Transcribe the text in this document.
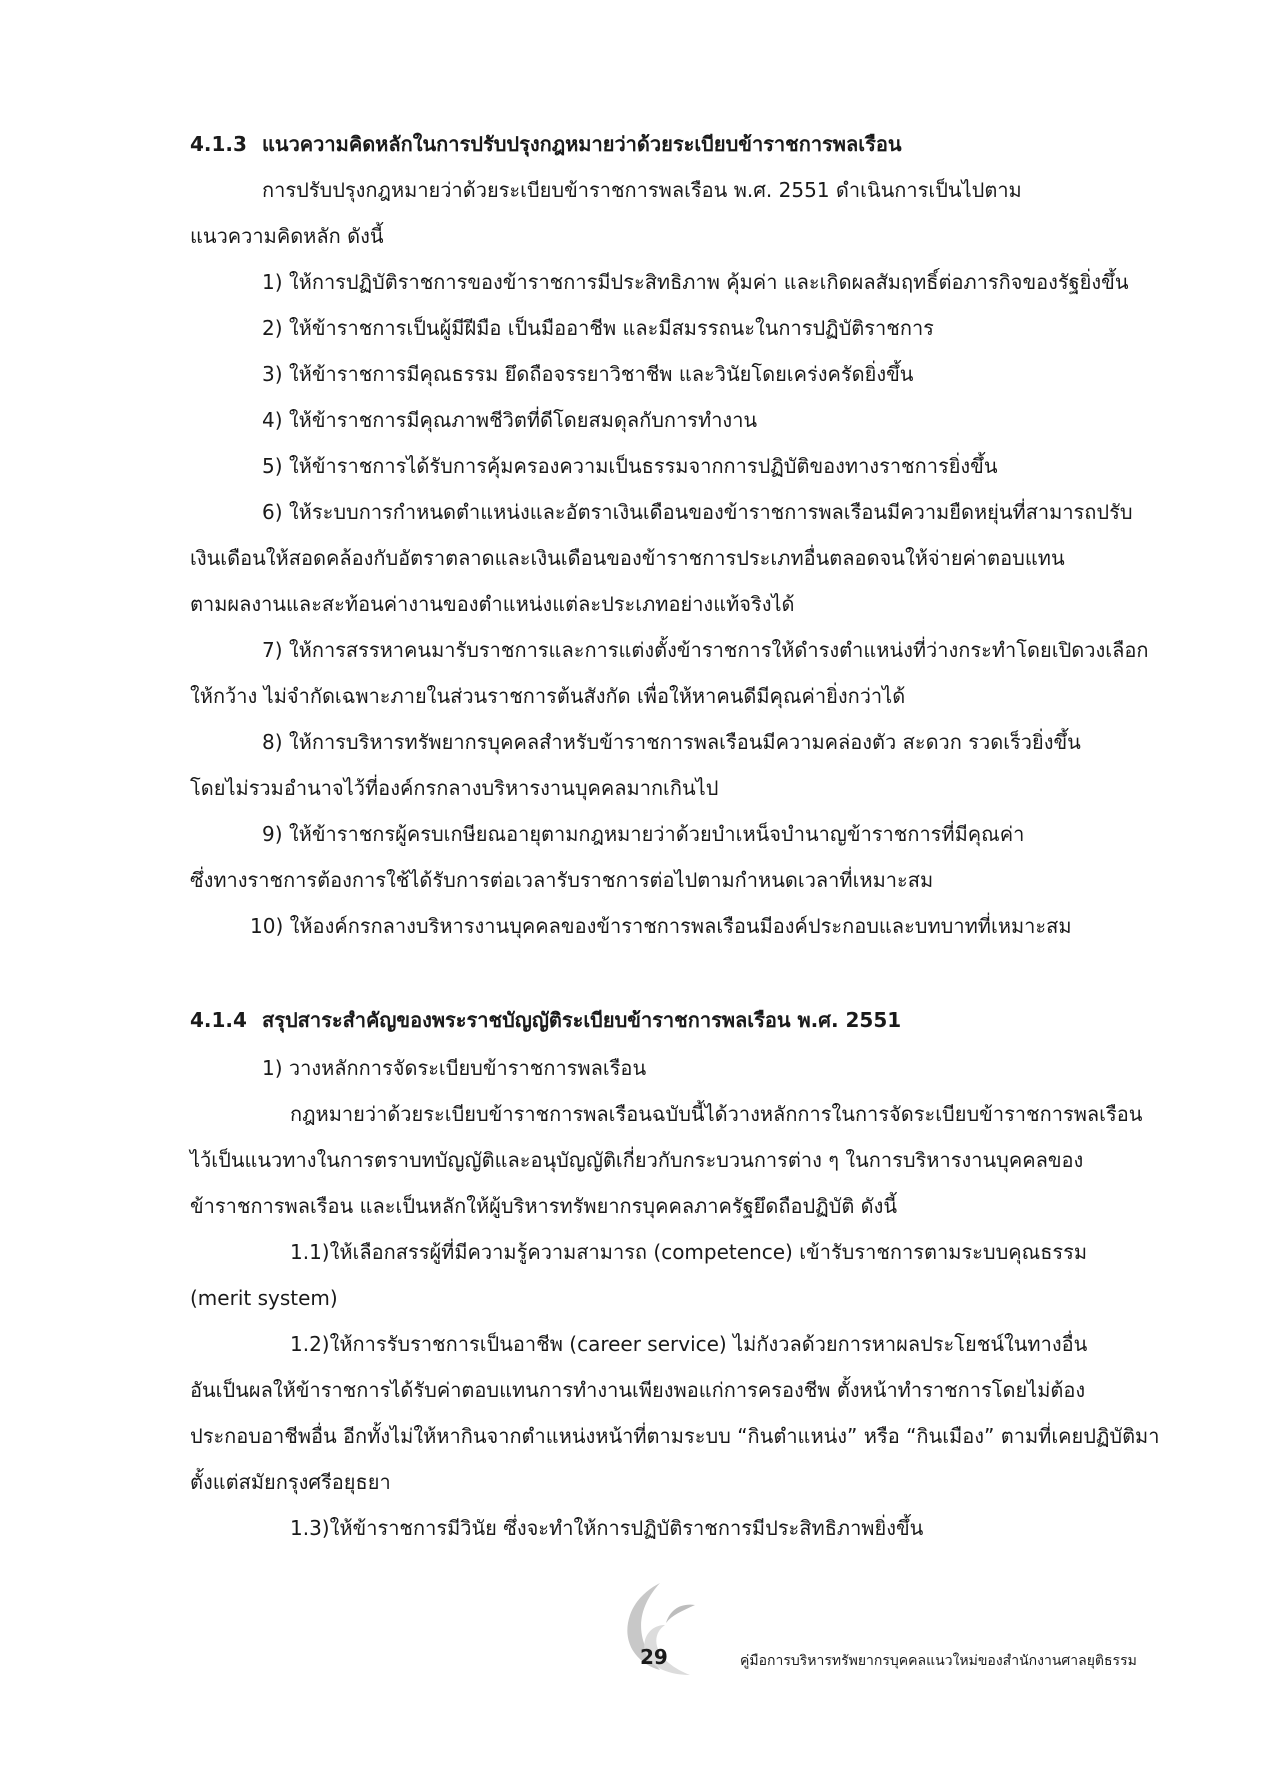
4.1.3 แนวความคิดหลักในการปรับปรุงกฎหมายว่าด้วยระเบียบข้าราชการพลเรือน
การปรับปรุงกฎหมายว่าด้วยระเบียบข้าราชการพลเรือน พ.ศ. 2551 ดำเนินการเป็นไปตาม
แนวความคิดหลัก ดังนี้
1) ให้การปฏิบัติราชการของข้าราชการมีประสิทธิภาพ คุ้มค่า และเกิดผลสัมฤทธิ์ต่อภารกิจของรัฐยิ่งขึ้น
2) ให้ข้าราชการเป็นผู้มีฝีมือ เป็นมืออาชีพ และมีสมรรถนะในการปฏิบัติราชการ
3) ให้ข้าราชการมีคุณธรรม ยึดถือจรรยาวิชาชีพ และวินัยโดยเคร่งครัดยิ่งขึ้น
4) ให้ข้าราชการมีคุณภาพชีวิตที่ดีโดยสมดุลกับการทำงาน
5) ให้ข้าราชการได้รับการคุ้มครองความเป็นธรรมจากการปฏิบัติของทางราชการยิ่งขึ้น
6) ให้ระบบการกำหนดตำแหน่งและอัตราเงินเดือนของข้าราชการพลเรือนมีความยืดหยุ่นที่สามารถปรับ
เงินเดือนให้สอดคล้องกับอัตราตลาดและเงินเดือนของข้าราชการประเภทอื่นตลอดจนให้จ่ายค่าตอบแทน
ตามผลงานและสะท้อนค่างานของตำแหน่งแต่ละประเภทอย่างแท้จริงได้
7) ให้การสรรหาคนมารับราชการและการแต่งตั้งข้าราชการให้ดำรงตำแหน่งที่ว่างกระทำโดยเปิดวงเลือก
ให้กว้าง ไม่จำกัดเฉพาะภายในส่วนราชการต้นสังกัด เพื่อให้หาคนดีมีคุณค่ายิ่งกว่าได้
8) ให้การบริหารทรัพยากรบุคคลสำหรับข้าราชการพลเรือนมีความคล่องตัว สะดวก รวดเร็วยิ่งขึ้น
โดยไม่รวมอำนาจไว้ที่องค์กรกลางบริหารงานบุคคลมากเกินไป
9) ให้ข้าราชกรผู้ครบเกษียณอายุตามกฎหมายว่าด้วยบำเหน็จบำนาญข้าราชการที่มีคุณค่า
ซึ่งทางราชการต้องการใช้ได้รับการต่อเวลารับราชการต่อไปตามกำหนดเวลาที่เหมาะสม
10) ให้องค์กรกลางบริหารงานบุคคลของข้าราชการพลเรือนมีองค์ประกอบและบทบาทที่เหมาะสม
4.1.4 สรุปสาระสำคัญของพระราชบัญญัติระเบียบข้าราชการพลเรือน พ.ศ. 2551
1) วางหลักการจัดระเบียบข้าราชการพลเรือน
กฎหมายว่าด้วยระเบียบข้าราชการพลเรือนฉบับนี้ได้วางหลักการในการจัดระเบียบข้าราชการพลเรือน
ไว้เป็นแนวทางในการตราบทบัญญัติและอนุบัญญัติเกี่ยวกับกระบวนการต่าง ๆ ในการบริหารงานบุคคลของ
ข้าราชการพลเรือน และเป็นหลักให้ผู้บริหารทรัพยากรบุคคลภาครัฐยึดถือปฏิบัติ ดังนี้
1.1)ให้เลือกสรรผู้ที่มีความรู้ความสามารถ (competence) เข้ารับราชการตามระบบคุณธรรม
(merit system)
1.2)ให้การรับราชการเป็นอาชีพ (career service) ไม่กังวลด้วยการหาผลประโยชน์ในทางอื่น
อันเป็นผลให้ข้าราชการได้รับค่าตอบแทนการทำงานเพียงพอแก่การครองชีพ ตั้งหน้าทำราชการโดยไม่ต้อง
ประกอบอาชีพอื่น อีกทั้งไม่ให้หากินจากตำแหน่งหน้าที่ตามระบบ “กินตำแหน่ง” หรือ “กินเมือง” ตามที่เคยปฏิบัติมา
ตั้งแต่สมัยกรุงศรีอยุธยา
1.3)ให้ข้าราชการมีวินัย ซึ่งจะทำให้การปฏิบัติราชการมีประสิทธิภาพยิ่งขึ้น
29	คู่มือการบริหารทรัพยากรบุคคลแนวใหม่ของสำนักงานศาลยุติธรรม
